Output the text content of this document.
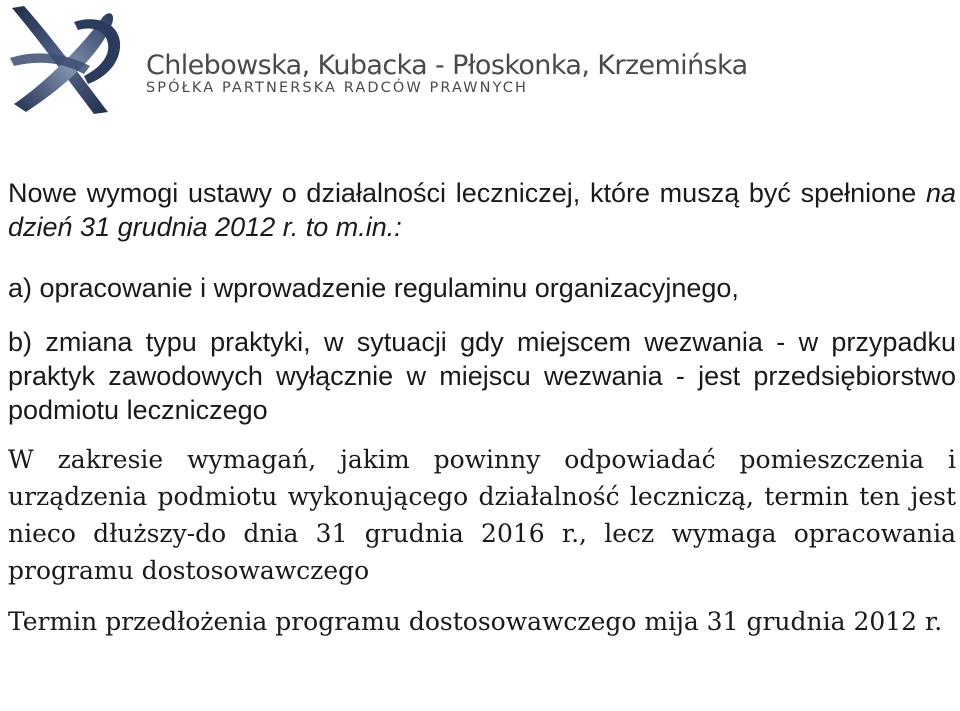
Chlebowska, Kubacka - Płoskonka, Krzemińska
SPÓŁKA PARTNERSKA RADCÓW PRAWNYCH

Nowe wymogi ustawy o działalności leczniczej, które muszą być spełnione na dzień 31 grudnia 2012 r. to m.in.:

a) opracowanie i wprowadzenie regulaminu organizacyjnego,

b) zmiana typu praktyki, w sytuacji gdy miejscem wezwania - w przypadku praktyk zawodowych wyłącznie w miejscu wezwania - jest przedsiębiorstwo podmiotu leczniczego

W zakresie wymagań, jakim powinny odpowiadać pomieszczenia i urządzenia podmiotu wykonującego działalność leczniczą, termin ten jest nieco dłuższy-do dnia 31 grudnia 2016 r., lecz wymaga opracowania programu dostosowawczego

Termin przedłożenia programu dostosowawczego mija 31 grudnia 2012 r.
